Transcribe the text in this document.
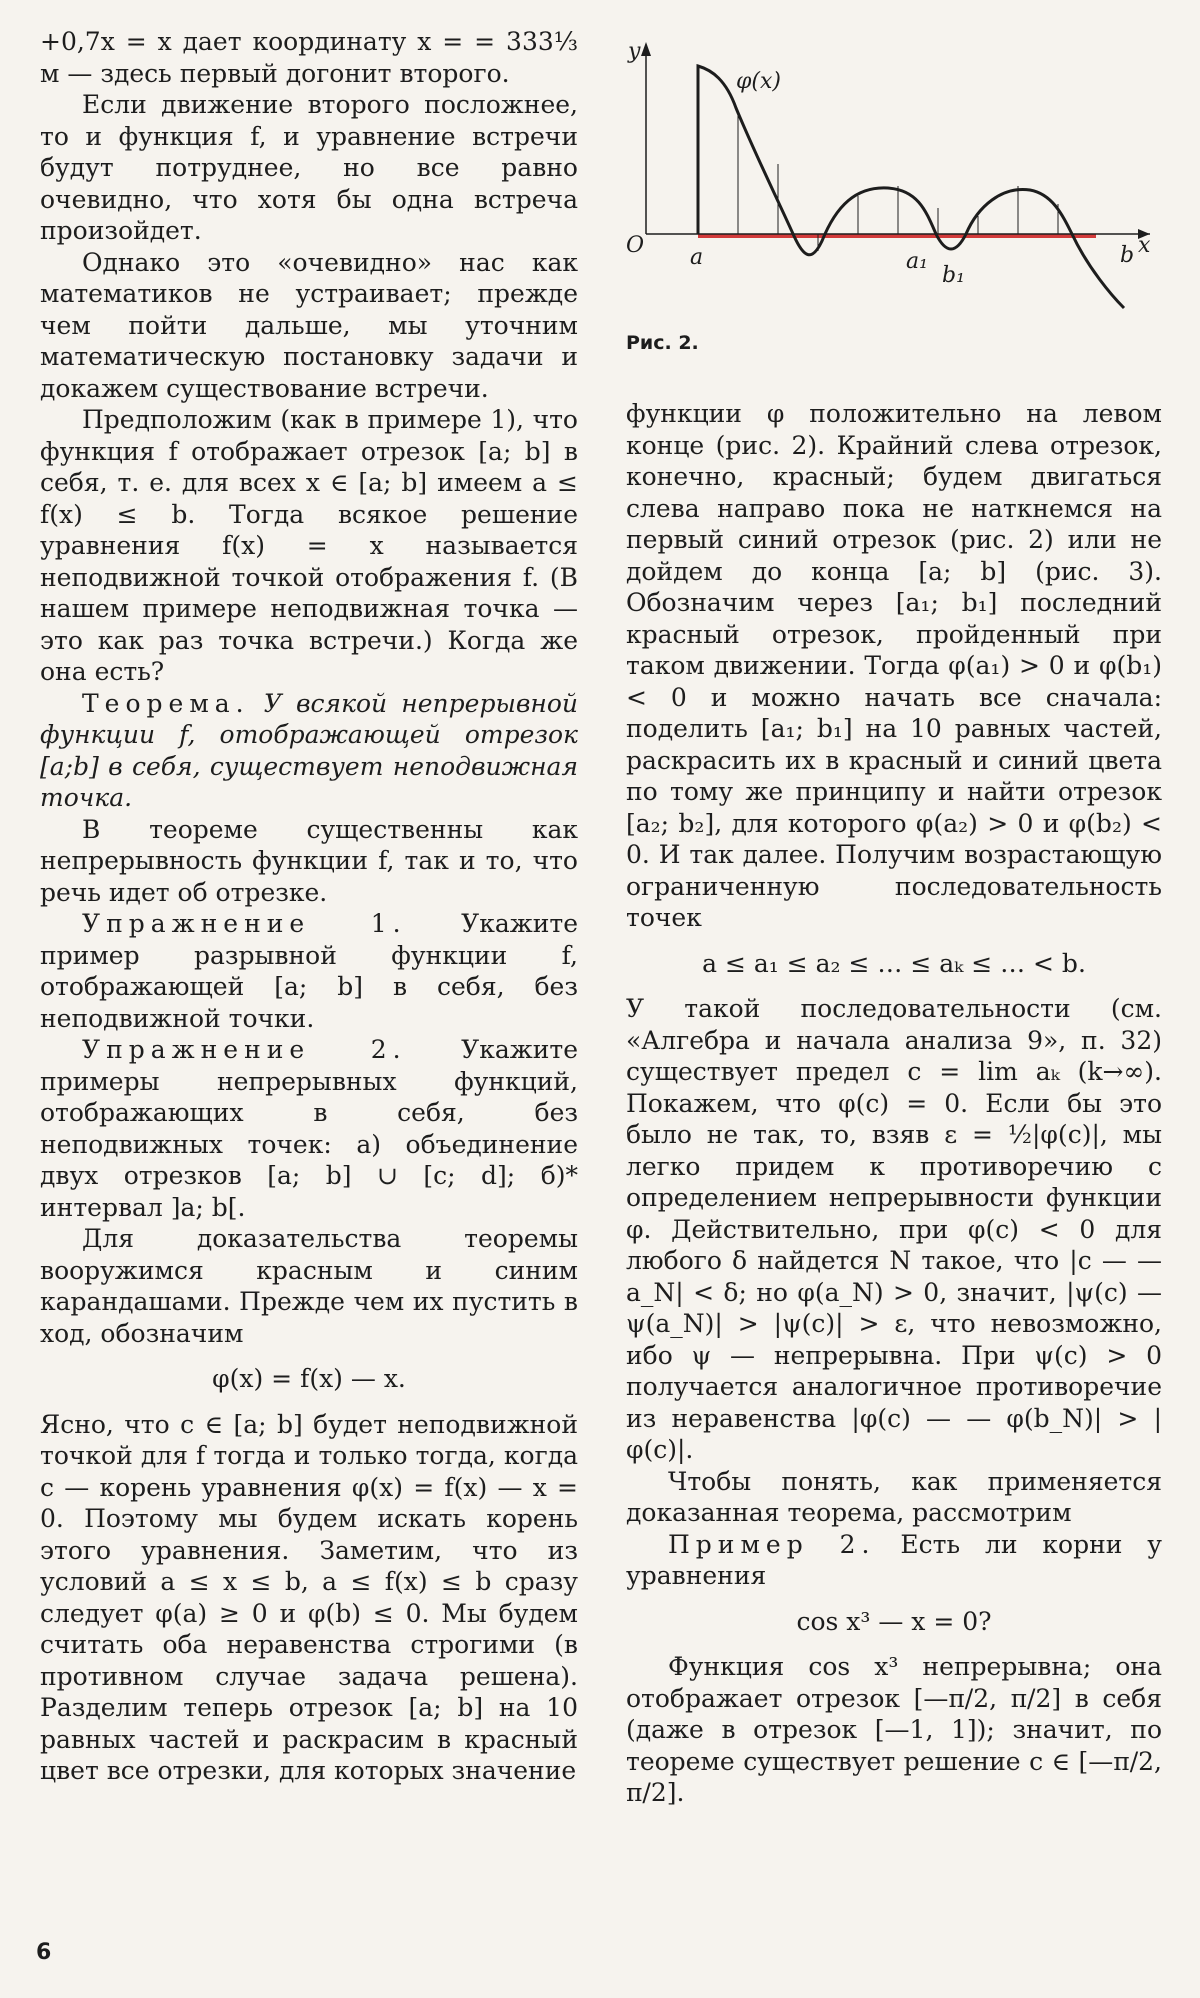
+0,7x = x дает координату x = = 333⅓ м — здесь первый догонит второго.

Если движение второго посложнее, то и функция f, и уравнение встречи будут потруднее, но все равно очевидно, что хотя бы одна встреча произойдет.

Однако это «очевидно» нас как математиков не устраивает; прежде чем пойти дальше, мы уточним математическую постановку задачи и докажем существование встречи.

Предположим (как в примере 1), что функция f отображает отрезок [a; b] в себя, т. е. для всех x ∈ [a; b] имеем a ≤ f(x) ≤ b. Тогда всякое решение уравнения f(x) = x называется неподвижной точкой отображения f. (В нашем примере неподвижная точка — это как раз точка встречи.) Когда же она есть?

Теорема. У всякой непрерывной функции f, отображающей отрезок [a;b] в себя, существует неподвижная точка.

В теореме существенны как непрерывность функции f, так и то, что речь идет об отрезке.

Упражнение 1. Укажите пример разрывной функции f, отображающей [a; b] в себя, без неподвижной точки.

Упражнение 2. Укажите примеры непрерывных функций, отображающих в себя, без неподвижных точек: а) объединение двух отрезков [a; b] ∪ [c; d]; б)* интервал ]a; b[.

Для доказательства теоремы вооружимся красным и синим карандашами. Прежде чем их пустить в ход, обозначим

φ(x) = f(x) — x.

Ясно, что c ∈ [a; b] будет неподвижной точкой для f тогда и только тогда, когда c — корень уравнения φ(x) = f(x) — x = 0. Поэтому мы будем искать корень этого уравнения. Заметим, что из условий a ≤ x ≤ b, a ≤ f(x) ≤ b сразу следует φ(a) ≥ 0 и φ(b) ≤ 0. Мы будем считать оба неравенства строгими (в противном случае задача решена). Разделим теперь отрезок [a; b] на 10 равных частей и раскрасим в красный цвет все отрезки, для которых значение

y
x
O a	a₁
b₁
b
φ(x)
Рис. 2.

функции φ положительно на левом конце (рис. 2). Крайний слева отрезок, конечно, красный; будем двигаться слева направо пока не наткнемся на первый синий отрезок (рис. 2) или не дойдем до конца [a; b] (рис. 3). Обозначим через [a₁; b₁] последний красный отрезок, пройденный при таком движении. Тогда φ(a₁) > 0 и φ(b₁) < 0 и можно начать все сначала: поделить [a₁; b₁] на 10 равных частей, раскрасить их в красный и синий цвета по тому же принципу и найти отрезок [a₂; b₂], для которого φ(a₂) > 0 и φ(b₂) < 0. И так далее. Получим возрастающую ограниченную последовательность точек

a ≤ a₁ ≤ a₂ ≤ … ≤ aₖ ≤ … < b.

У такой последовательности (см. «Алгебра и начала анализа 9», п. 32) существует предел c = lim aₖ (k→∞). Покажем, что φ(c) = 0. Если бы это было не так, то, взяв ε = ½|φ(c)|, мы легко придем к противоречию с определением непрерывности функции φ. Действительно, при φ(c) < 0 для любого δ найдется N такое, что |c — — a_N| < δ; но φ(a_N) > 0, значит, |ψ(c) — ψ(a_N)| > |ψ(c)| > ε, что невозможно, ибо ψ — непрерывна. При ψ(c) > 0 получается аналогичное противоречие из неравенства |φ(c) — — φ(b_N)| > |φ(c)|.

Чтобы понять, как применяется доказанная теорема, рассмотрим

Пример 2. Есть ли корни у уравнения

cos x³ — x = 0?

Функция cos x³ непрерывна; она отображает отрезок [—π/2, π/2] в себя (даже в отрезок [—1, 1]); значит, по теореме существует решение c ∈ [—π/2, π/2].

6
